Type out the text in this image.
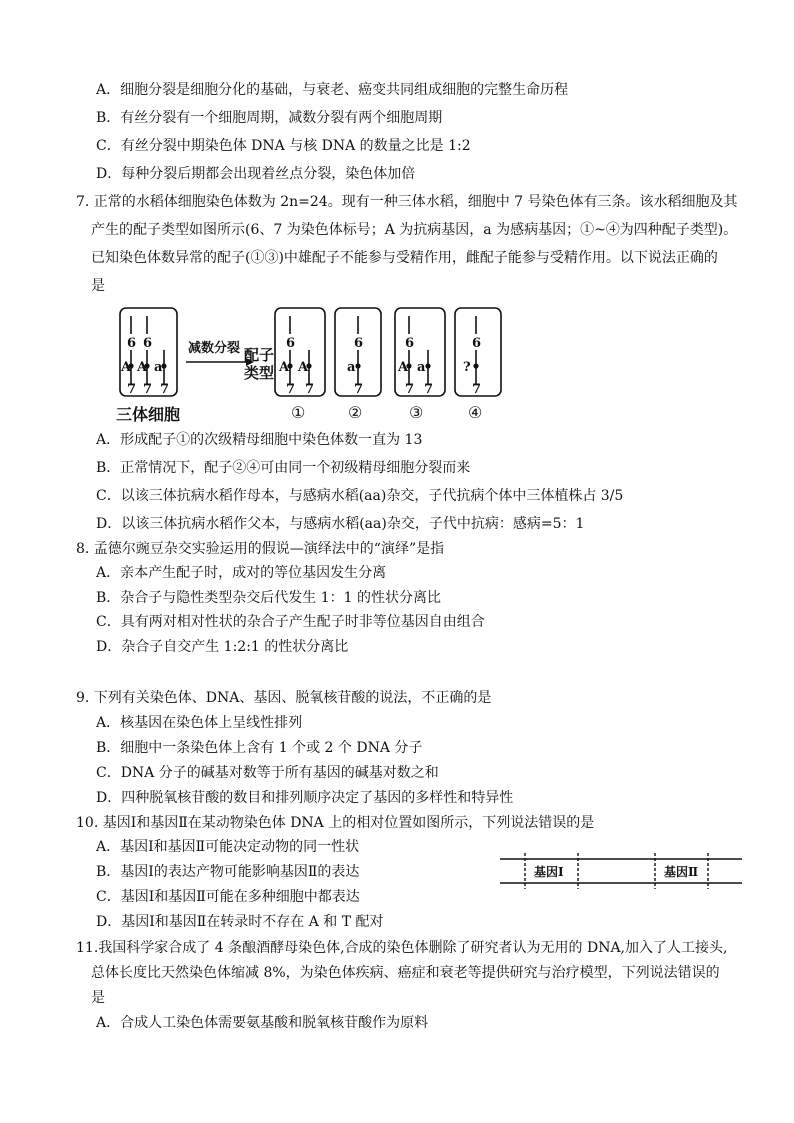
A．细胞分裂是细胞分化的基础，与衰老、癌变共同组成细胞的完整生命历程
B．有丝分裂有一个细胞周期，减数分裂有两个细胞周期
C．有丝分裂中期染色体 DNA 与核 DNA 的数量之比是 1:2
D．每种分裂后期都会出现着丝点分裂，染色体加倍
7. 正常的水稻体细胞染色体数为 2n=24。现有一种三体水稻，细胞中 7 号染色体有三条。该水稻细胞及其
产生的配子类型如图所示(6、7 为染色体标号；A 为抗病基因，a 为感病基因；①~④为四种配子类型)。
已知染色体数异常的配子(①③)中雄配子不能参与受精作用，雌配子能参与受精作用。以下说法正确的
是
6 6
A A a
7 7 7
6
A A
7 7
6
a
7
6
A a
7 7
6
?
7
减数分裂 配子
类型
三体细胞	①	②	③	④
A．形成配子①的次级精母细胞中染色体数一直为 13
B．正常情况下，配子②④可由同一个初级精母细胞分裂而来
C．以该三体抗病水稻作母本，与感病水稻(aa)杂交，子代抗病个体中三体植株占 3/5
D．以该三体抗病水稻作父本，与感病水稻(aa)杂交，子代中抗病：感病=5：1
8. 孟德尔豌豆杂交实验运用的假说—演绎法中的“演绎”是指
A．亲本产生配子时，成对的等位基因发生分离
B．杂合子与隐性类型杂交后代发生 1：1 的性状分离比
C．具有两对相对性状的杂合子产生配子时非等位基因自由组合
D．杂合子自交产生 1:2:1 的性状分离比
9. 下列有关染色体、DNA、基因、脱氧核苷酸的说法，不正确的是
A．核基因在染色体上呈线性排列
B．细胞中一条染色体上含有 1 个或 2 个 DNA 分子
C．DNA 分子的碱基对数等于所有基因的碱基对数之和
D．四种脱氧核苷酸的数目和排列顺序决定了基因的多样性和特异性
10. 基因Ⅰ和基因Ⅱ在某动物染色体 DNA 上的相对位置如图所示，下列说法错误的是
A．基因Ⅰ和基因Ⅱ可能决定动物的同一性状
B．基因Ⅰ的表达产物可能影响基因Ⅱ的表达
C．基因Ⅰ和基因Ⅱ可能在多种细胞中都表达
D．基因Ⅰ和基因Ⅱ在转录时不存在 A 和 T 配对
基因Ⅰ	基因Ⅱ
11.我国科学家合成了 4 条酿酒酵母染色体,合成的染色体删除了研究者认为无用的 DNA,加入了人工接头,
总体长度比天然染色体缩减 8%，为染色体疾病、癌症和衰老等提供研究与治疗模型，下列说法错误的
是
A．合成人工染色体需要氨基酸和脱氧核苷酸作为原料
